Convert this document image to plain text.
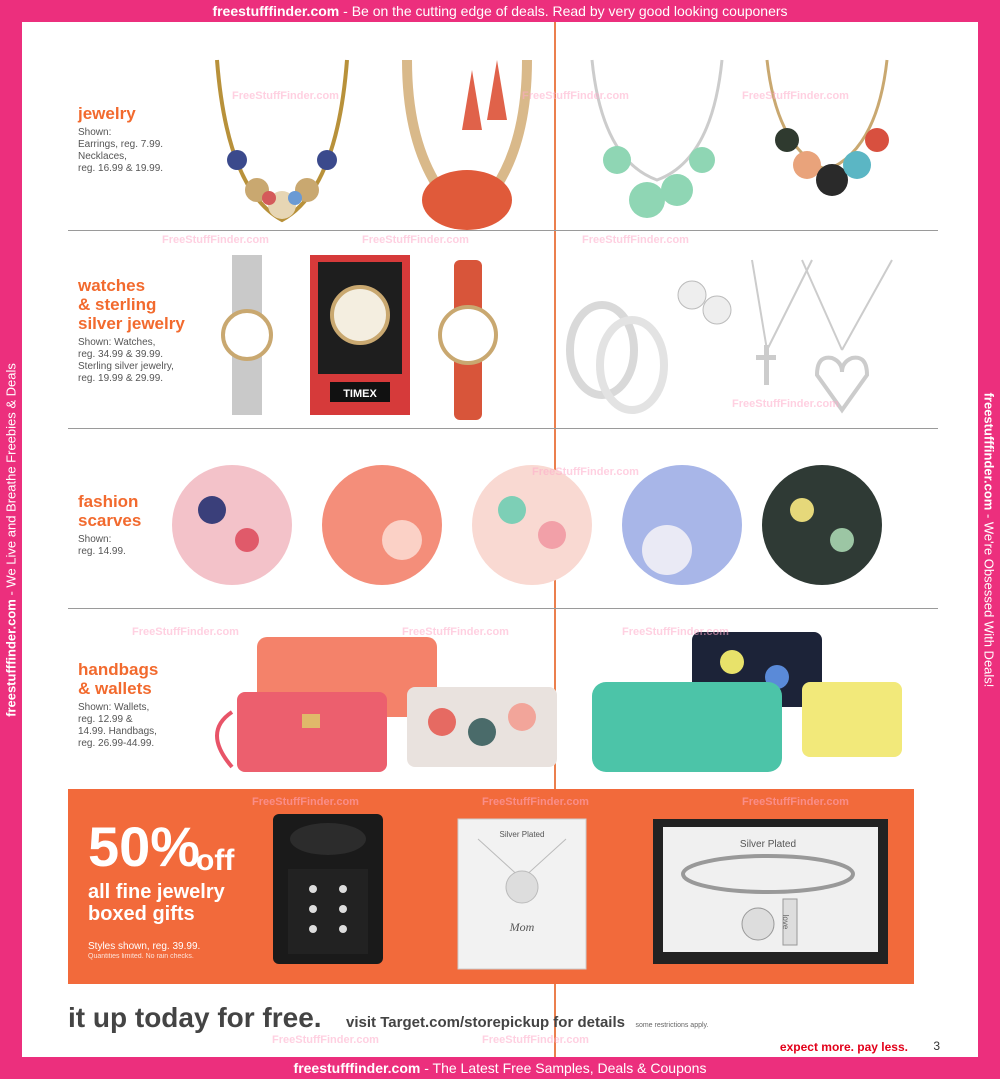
freestufffinder.com - Be on the cutting edge of deals. Read by very good looking couponers
freestufffinder.com - We Live and Breathe Freebies & Deals	freestufffinder.com - We're Obsessed With Deals!
jewelry

Shown:
Earrings, reg. 7.99.
Necklaces,
reg. 16.99 & 19.99.

watches
& sterling
silver jewelry

Shown: Watches,
reg. 34.99 & 39.99.
Sterling silver jewelry,
reg. 19.99 & 29.99.

TIMEX
fashion
scarves

Shown:
reg. 14.99.

handbags
& wallets

Shown: Wallets,
reg. 12.99 &
14.99. Handbags,
reg. 26.99-44.99.

50%
off
all fine jewelry boxed gifts
Styles shown, reg. 39.99.
Quantities limited. No rain checks.
Silver Plated
Mom
Silver Plated
love
it up today for free. visit Target.com/storepickup for details some restrictions apply.
expect more. pay less. 3
FreeStuffFinder.com	FreeStuffFinder.com	FreeStuffFinder.com
FreeStuffFinder.com	FreeStuffFinder.com	FreeStuffFinder.com
FreeStuffFinder.com
FreeStuffFinder.com
FreeStuffFinder.com	FreeStuffFinder.com	FreeStuffFinder.com
FreeStuffFinder.com	FreeStuffFinder.com	FreeStuffFinder.com
FreeStuffFinder.com	FreeStuffFinder.com
freestufffinder.com - The Latest Free Samples, Deals & Coupons
